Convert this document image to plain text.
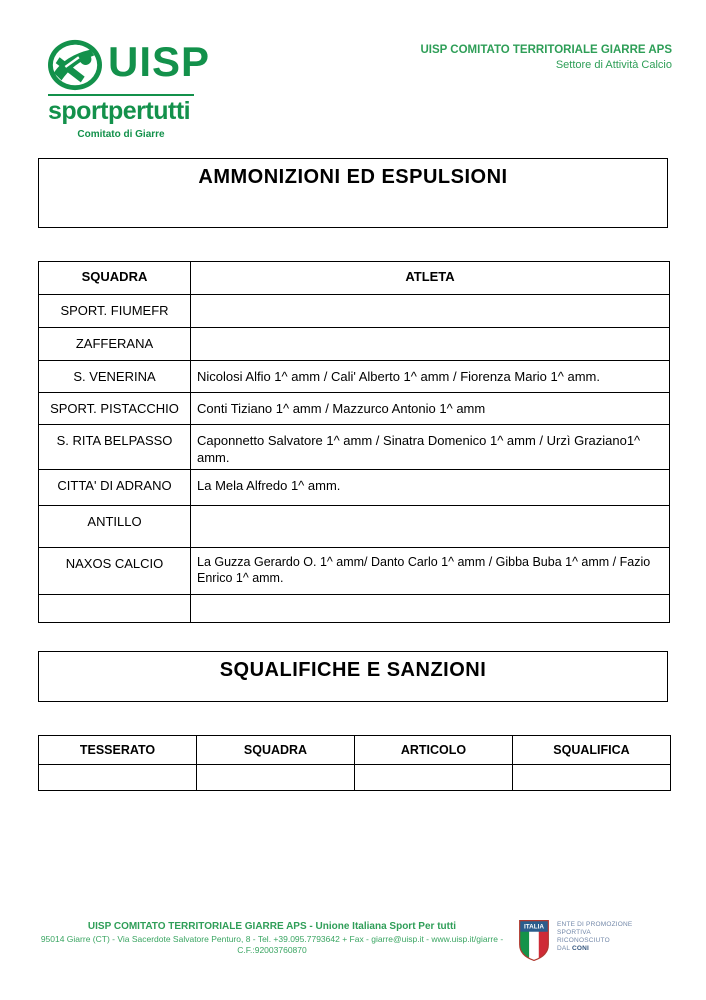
UISP
sportpertutti
Comitato di Giarre
UISP COMITATO TERRITORIALE GIARRE APS
Settore di Attività Calcio
AMMONIZIONI ED ESPULSIONI
SQUADRA	ATLETA
SPORT. FIUMEFR	
ZAFFERANA	
S. VENERINA	Nicolosi Alfio 1^ amm / Cali' Alberto 1^ amm / Fiorenza Mario 1^ amm.
SPORT. PISTACCHIO	Conti Tiziano 1^ amm / Mazzurco Antonio 1^ amm
S. RITA BELPASSO	Caponnetto Salvatore 1^ amm / Sinatra Domenico 1^ amm / Urzì Graziano1^ amm.
CITTA' DI ADRANO	La Mela Alfredo 1^ amm.
ANTILLO	
NAXOS CALCIO	La Guzza Gerardo O. 1^ amm/ Danto Carlo 1^ amm / Gibba Buba 1^ amm / Fazio Enrico 1^ amm.

SQUALIFICHE E SANZIONI
TESSERATO	SQUADRA	ARTICOLO	SQUALIFICA

UISP COMITATO TERRITORIALE GIARRE APS - Unione Italiana Sport Per tutti
95014 Giarre (CT) - Via Sacerdote Salvatore Penturo, 8 - Tel. +39.095.7793642 + Fax - giarre@uisp.it - www.uisp.it/giarre -
C.F.:92003760870
ITALIA ENTE DI PROMOZIONE
SPORTIVA
RICONOSCIUTO
DAL CONI
